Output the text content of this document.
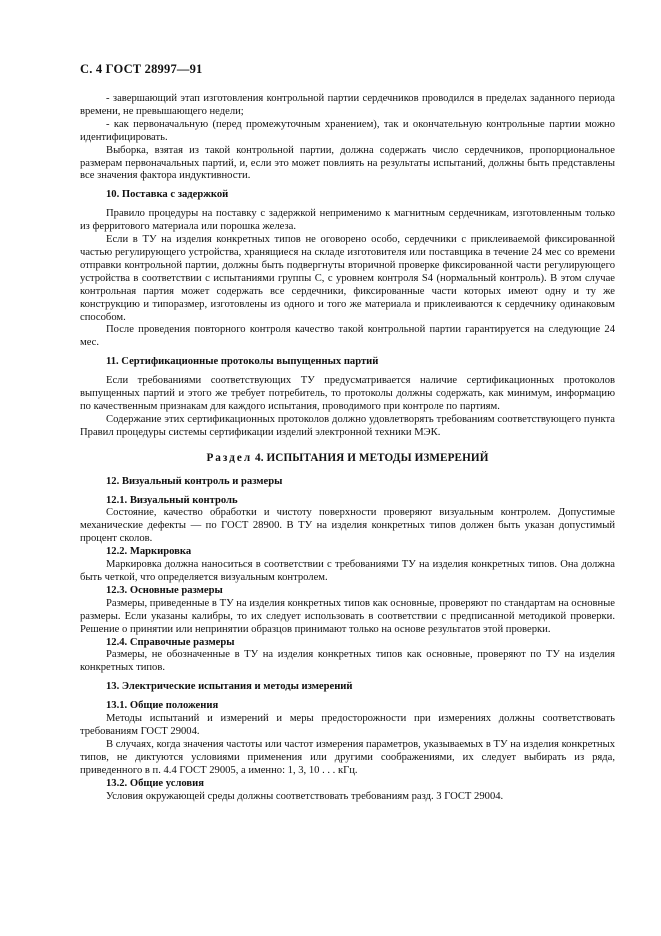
С. 4 ГОСТ 28997—91

- завершающий этап изготовления контрольной партии сердечников проводился в пределах заданного периода времени, не превышающего недели;

- как первоначальную (перед промежуточным хранением), так и окончательную контрольные партии можно идентифицировать.

Выборка, взятая из такой контрольной партии, должна содержать число сердечников, пропорциональное размерам первоначальных партий, и, если это может повлиять на результаты испытаний, должны быть представлены все значения фактора индуктивности.

10. Поставка с задержкой

Правило процедуры на поставку с задержкой неприменимо к магнитным сердечникам, изготовленным только из ферритового материала или порошка железа.

Если в ТУ на изделия конкретных типов не оговорено особо, сердечники с приклеиваемой фиксированной частью регулирующего устройства, хранящиеся на складе изготовителя или поставщика в течение 24 мес со времени отправки контрольной партии, должны быть подвергнуты вторичной проверке фиксированной части регулирующего устройства в соответствии с испытаниями группы С, с уровнем контроля S4 (нормальный контроль). В этом случае контрольная партия может содержать все сердечники, фиксированные части которых имеют одну и ту же конструкцию и типоразмер, изготовлены из одного и того же материала и приклеиваются к сердечнику одинаковым способом.

После проведения повторного контроля качество такой контрольной партии гарантируется на следующие 24 мес.

11. Сертификационные протоколы выпущенных партий

Если требованиями соответствующих ТУ предусматривается наличие сертификационных протоколов выпущенных партий и этого же требует потребитель, то протоколы должны содержать, как минимум, информацию по качественным признакам для каждого испытания, проводимого при контроле по партиям.

Содержание этих сертификационных протоколов должно удовлетворять требованиям соответствующего пункта Правил процедуры системы сертификации изделий электронной техники МЭК.

Раздел 4. ИСПЫТАНИЯ И МЕТОДЫ ИЗМЕРЕНИЙ
12. Визуальный контроль и размеры
12.1. Визуальный контроль

Состояние, качество обработки и чистоту поверхности проверяют визуальным контролем. Допустимые механические дефекты — по ГОСТ 28900. В ТУ на изделия конкретных типов должен быть указан допустимый процент сколов.

12.2. Маркировка

Маркировка должна наноситься в соответствии с требованиями ТУ на изделия конкретных типов. Она должна быть четкой, что определяется визуальным контролем.

12.3. Основные размеры

Размеры, приведенные в ТУ на изделия конкретных типов как основные, проверяют по стандартам на основные размеры. Если указаны калибры, то их следует использовать в соответствии с предписанной методикой проверки. Решение о принятии или непринятии образцов принимают только на основе результатов этой проверки.

12.4. Справочные размеры

Размеры, не обозначенные в ТУ на изделия конкретных типов как основные, проверяют по ТУ на изделия конкретных типов.

13. Электрические испытания и методы измерений
13.1. Общие положения

Методы испытаний и измерений и меры предосторожности при измерениях должны соответствовать требованиям ГОСТ 29004.

В случаях, когда значения частоты или частот измерения параметров, указываемых в ТУ на изделия конкретных типов, не диктуются условиями применения или другими соображениями, их следует выбирать из ряда, приведенного в п. 4.4 ГОСТ 29005, а именно: 1, 3, 10 . . . кГц.

13.2. Общие условия

Условия окружающей среды должны соответствовать требованиям разд. 3 ГОСТ 29004.
